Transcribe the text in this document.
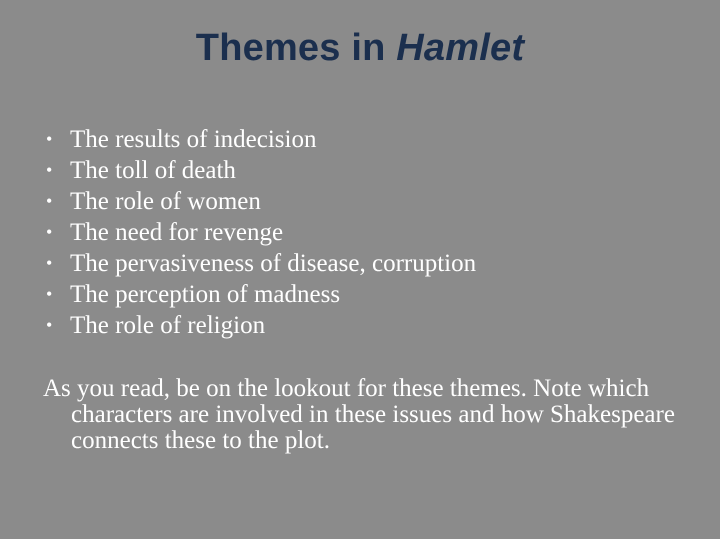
Themes in Hamlet
• The results of indecision
• The toll of death
• The role of women
• The need for revenge
• The pervasiveness of disease, corruption
• The perception of madness
• The role of religion

As you read, be on the lookout for these themes. Note which characters are involved in these issues and how Shakespeare connects these to the plot.
